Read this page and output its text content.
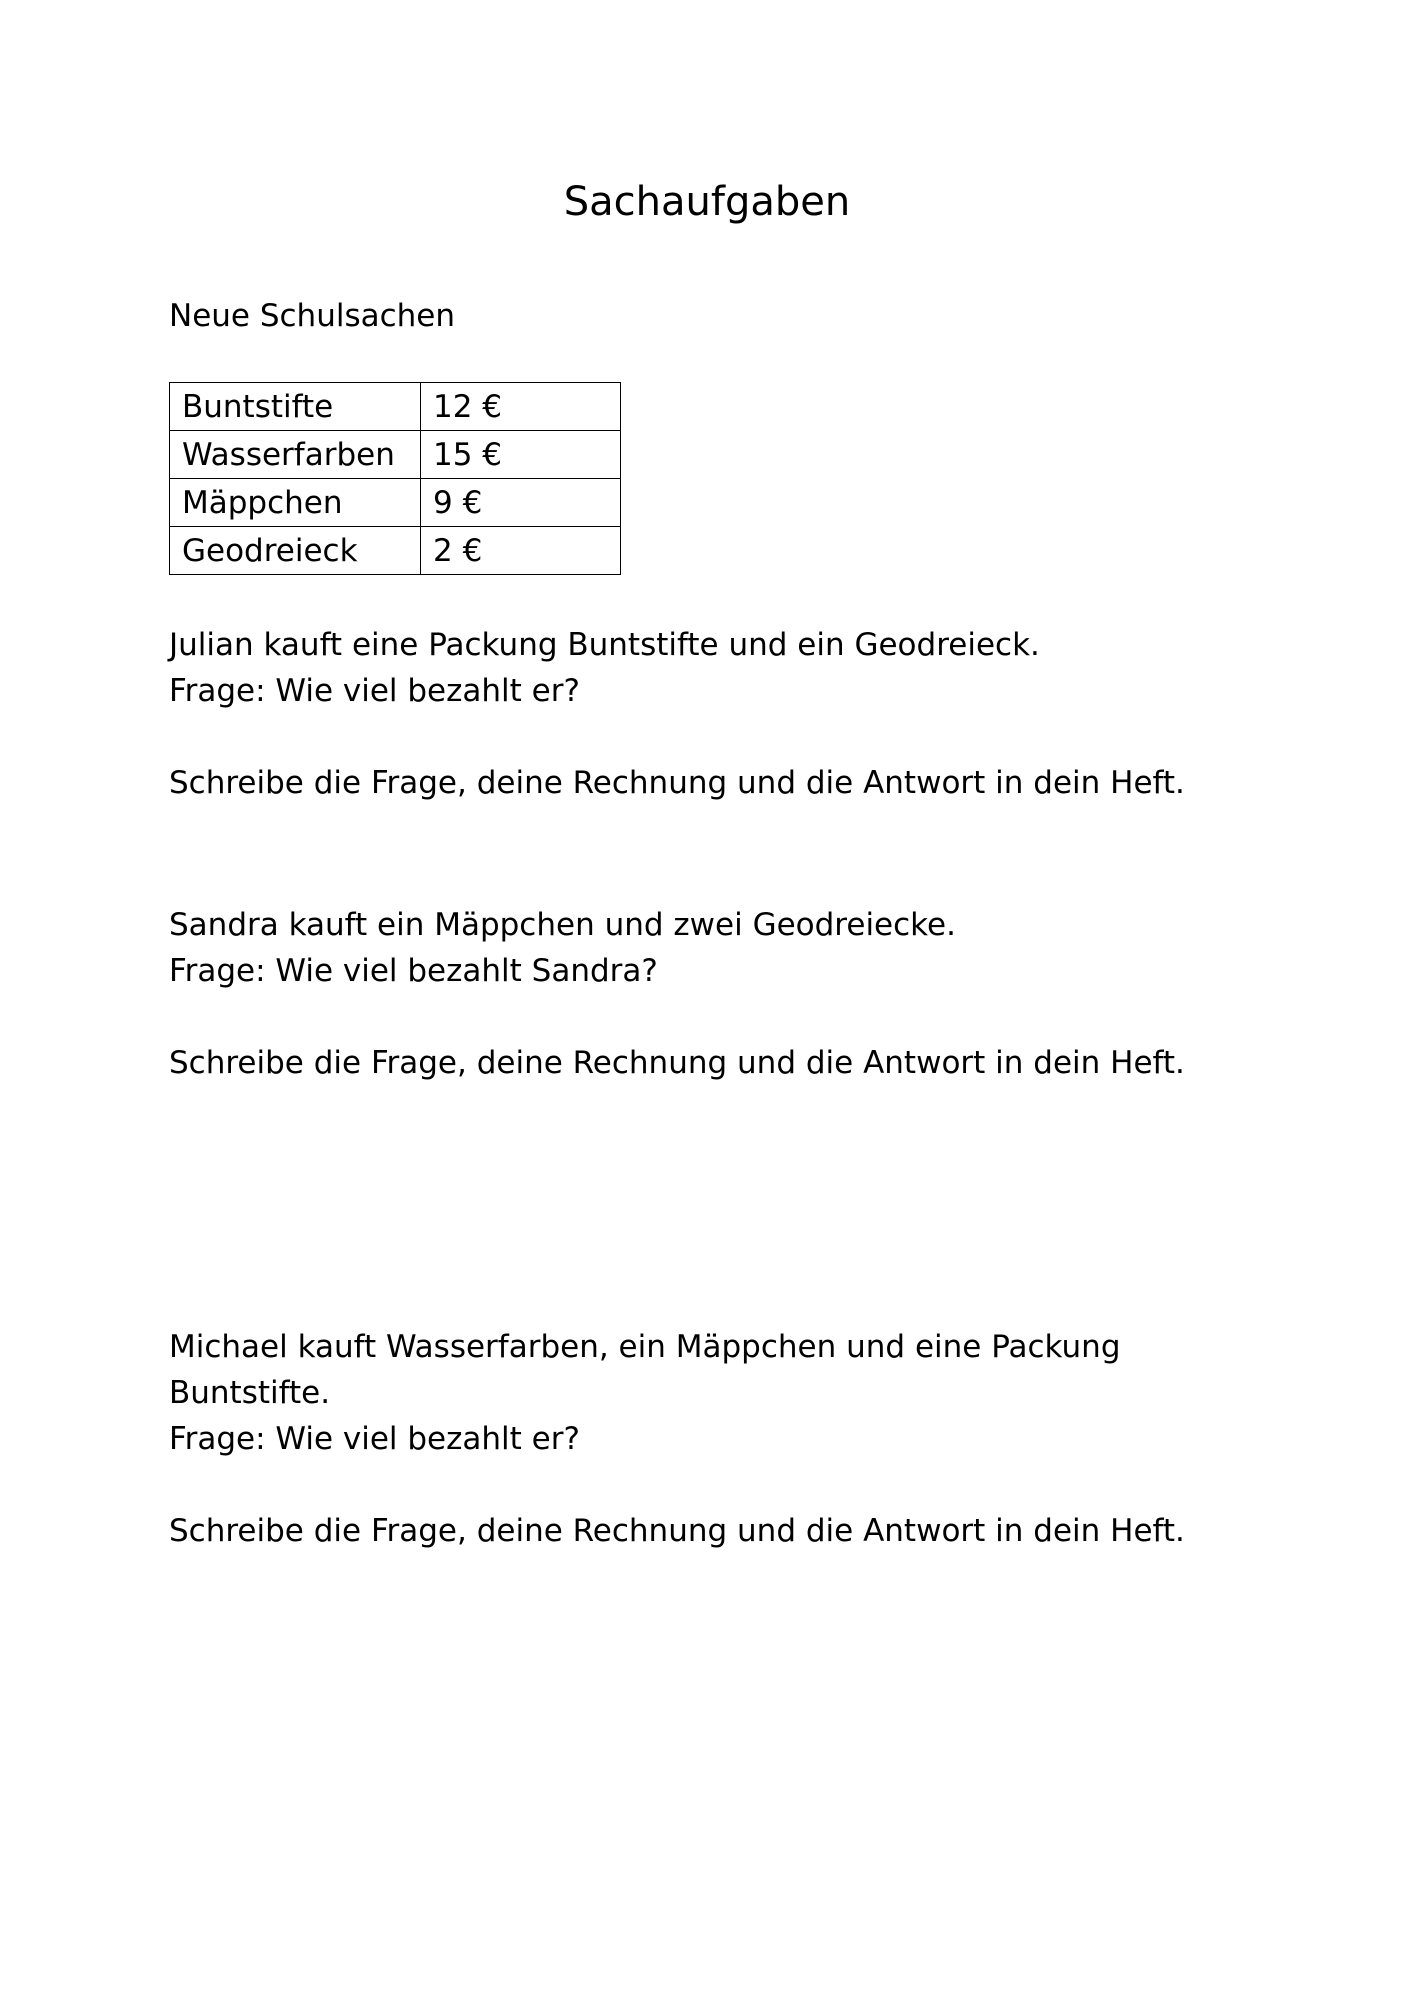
Sachaufgaben

Neue Schulsachen

Buntstifte	12 €
Wasserfarben	15 €
Mäppchen	9 €
Geodreieck	2 €

Julian kauft eine Packung Buntstifte und ein Geodreieck.

Frage: Wie viel bezahlt er?

Schreibe die Frage, deine Rechnung und die Antwort in dein Heft.

Sandra kauft ein Mäppchen und zwei Geodreiecke.

Frage: Wie viel bezahlt Sandra?

Schreibe die Frage, deine Rechnung und die Antwort in dein Heft.

Michael kauft Wasserfarben, ein Mäppchen und eine Packung

Buntstifte.

Frage: Wie viel bezahlt er?

Schreibe die Frage, deine Rechnung und die Antwort in dein Heft.
